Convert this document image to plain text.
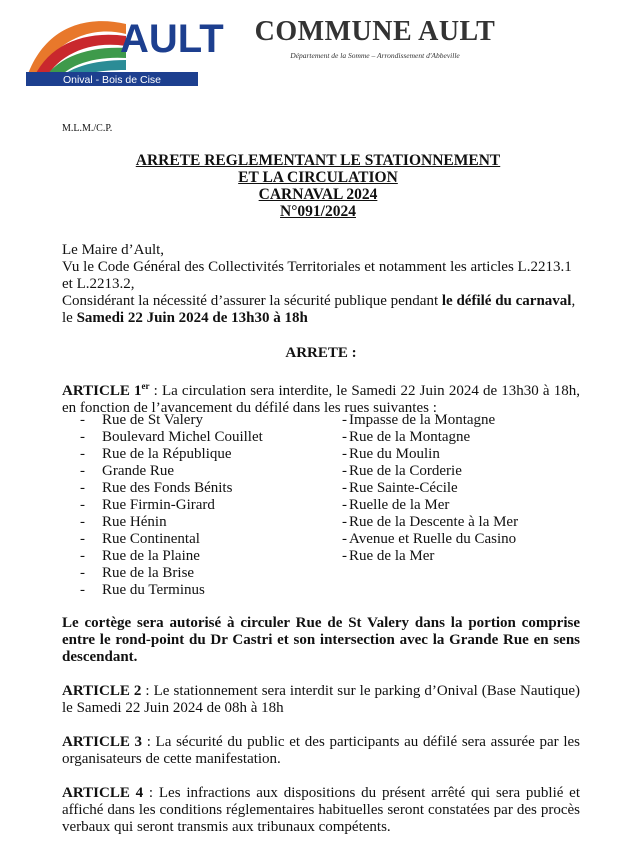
AULT
Onival - Bois de Cise
COMMUNE AULT
Département de la Somme – Arrondissement d'Abbeville
M.L.M./C.P.
ARRETE REGLEMENTANT LE STATIONNEMENT
ET LA CIRCULATION
CARNAVAL 2024
N°091/2024
Le Maire d’Ault,
Vu le Code Général des Collectivités Territoriales et notamment les articles L.2213.1 et L.2213.2,
Considérant la nécessité d’assurer la sécurité publique pendant le défilé du carnaval, le Samedi 22 Juin 2024 de 13h30 à 18h
ARRETE :
ARTICLE 1er : La circulation sera interdite, le Samedi 22 Juin 2024 de 13h30 à 18h, en fonction de l’avancement du défilé dans les rues suivantes :
- Rue de St Valery
- Boulevard Michel Couillet
- Rue de la République
- Grande Rue
- Rue des Fonds Bénits
- Rue Firmin-Girard
- Rue Hénin
- Rue Continental
- Rue de la Plaine
- Rue de la Brise
- Rue du Terminus
- Impasse de la Montagne
- Rue de la Montagne
- Rue du Moulin
- Rue de la Corderie
- Rue Sainte-Cécile
- Ruelle de la Mer
- Rue de la Descente à la Mer
- Avenue et Ruelle du Casino
- Rue de la Mer
Le cortège sera autorisé à circuler Rue de St Valery dans la portion comprise entre le rond-point du Dr Castri et son intersection avec la Grande Rue en sens descendant.
ARTICLE 2 : Le stationnement sera interdit sur le parking d’Onival (Base Nautique) le Samedi 22 Juin 2024 de 08h à 18h
ARTICLE 3 : La sécurité du public et des participants au défilé sera assurée par les organisateurs de cette manifestation.
ARTICLE 4 : Les infractions aux dispositions du présent arrêté qui sera publié et affiché dans les conditions réglementaires habituelles seront constatées par des procès verbaux qui seront transmis aux tribunaux compétents.
